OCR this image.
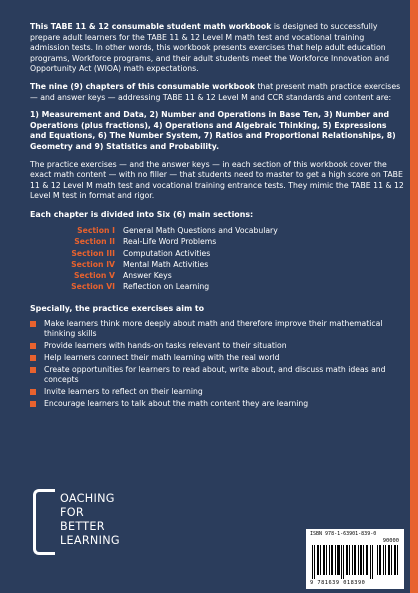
This TABE 11 & 12 consumable student math workbook is designed to successfully prepare adult learners for the TABE 11 & 12 Level M math test and vocational training admission tests. In other words, this workbook presents exercises that help adult education programs, Workforce programs, and their adult students meet the Workforce Innovation and Opportunity Act (WIOA) math expectations.

The nine (9) chapters of this consumable workbook that present math practice exercises — and answer keys — addressing TABE 11 & 12 Level M and CCR standards and content are:

1) Measurement and Data, 2) Number and Operations in Base Ten, 3) Number and Operations (plus fractions), 4) Operations and Algebraic Thinking, 5) Expressions and Equations, 6) The Number System, 7) Ratios and Proportional Relationships, 8) Geometry and 9) Statistics and Probability.

The practice exercises — and the answer keys — in each section of this workbook cover the exact math content — with no filler — that students need to master to get a high score on TABE 11 & 12 Level M math test and vocational training entrance tests. They mimic the TABE 11 & 12 Level M test in format and rigor.

Each chapter is divided into Six (6) main sections:
Section I General Math Questions and Vocabulary
Section II Real-Life Word Problems
Section III Computation Activities
Section IV Mental Math Activities
Section V Answer Keys
Section VI Reflection on Learning
Specially, the practice exercises aim to
Make learners think more deeply about math and therefore improve their mathematical thinking skills
Provide learners with hands-on tasks relevant to their situation
Help learners connect their math learning with the real world
Create opportunities for learners to read about, write about, and discuss math ideas and concepts
Invite learners to reflect on their learning
Encourage learners to talk about the math content they are learning
OACHING
FOR
BETTER
LEARNING	ISBN 978-1-63901-839-0
90000
9 781639 018390
